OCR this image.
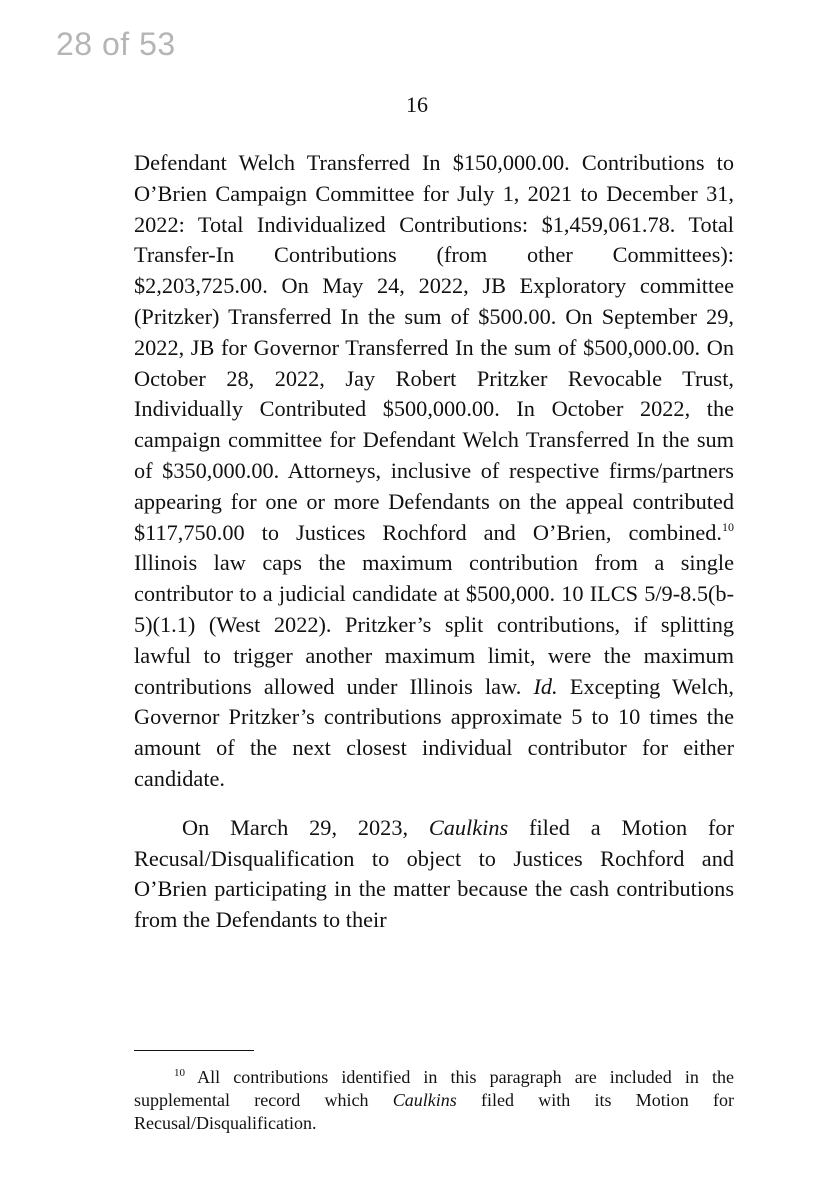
28 of 53
16

Defendant Welch Transferred In $150,000.00. Contributions to O’Brien Campaign Committee for July 1, 2021 to December 31, 2022: Total Individualized Contributions: $1,459,061.78. Total Transfer-In Contributions (from other Committees): $2,203,725.00. On May 24, 2022, JB Exploratory committee (Pritzker) Transferred In the sum of $500.00. On September 29, 2022, JB for Governor Transferred In the sum of $500,000.00. On October 28, 2022, Jay Robert Pritzker Revocable Trust, Individually Contributed $500,000.00. In October 2022, the campaign committee for Defendant Welch Transferred In the sum of $350,000.00. Attorneys, inclusive of respective firms/partners appearing for one or more Defendants on the appeal contributed $117,750.00 to Justices Rochford and O’Brien, combined.$^{10}$ Illinois law caps the maximum contribution from a single contributor to a judicial candidate at $500,000. 10 ILCS 5/9-8.5(b-5)(1.1) (West 2022). Pritzker’s split contributions, if splitting lawful to trigger another maximum limit, were the maximum contributions allowed under Illinois law. Id. Excepting Welch, Governor Pritzker’s contributions approximate 5 to 10 times the amount of the next closest individual contributor for either candidate.

On March 29, 2023, Caulkins filed a Motion for Recusal/Disqualification to object to Justices Rochford and O’Brien participating in the matter because the cash contributions from the Defendants to their

$^{10}$ All contributions identified in this paragraph are included in the supplemental record which Caulkins filed with its Motion for Recusal/Disqualification.
